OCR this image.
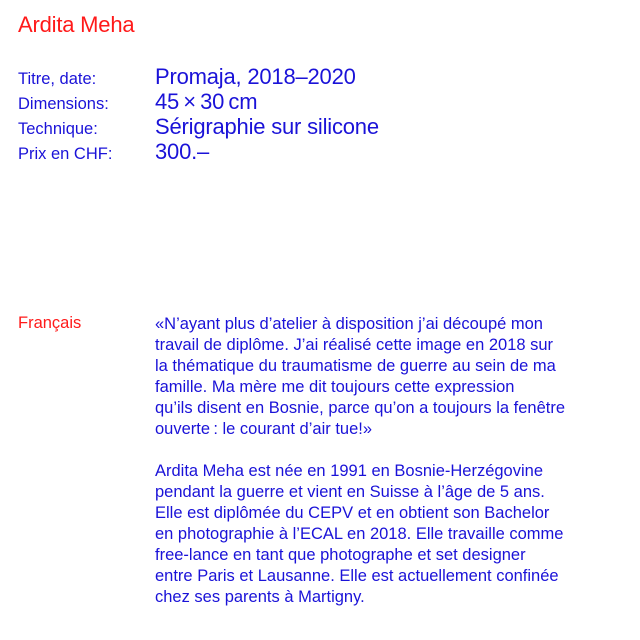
Ardita Meha
Titre, date:	Promaja, 2018–2020
Dimensions:	45 × 30 cm
Technique:	Sérigraphie sur silicone
Prix en CHF:	300.–
Français	«N’ayant plus d’atelier à disposition j’ai découpé mon
travail de diplôme. J’ai réalisé cette image en 2018 sur
la thématique du traumatisme de guerre au sein de ma
famille. Ma mère me dit toujours cette expression
qu’ils disent en Bosnie, parce qu’on a toujours la fenêtre
ouverte : le courant d’air tue!»

Ardita Meha est née en 1991 en Bosnie-Herzégovine
pendant la guerre et vient en Suisse à l’âge de 5 ans.
Elle est diplômée du CEPV et en obtient son Bachelor
en photographie à l’ECAL en 2018. Elle travaille comme
free-lance en tant que photographe et set designer
entre Paris et Lausanne. Elle est actuellement confinée
chez ses parents à Martigny.
